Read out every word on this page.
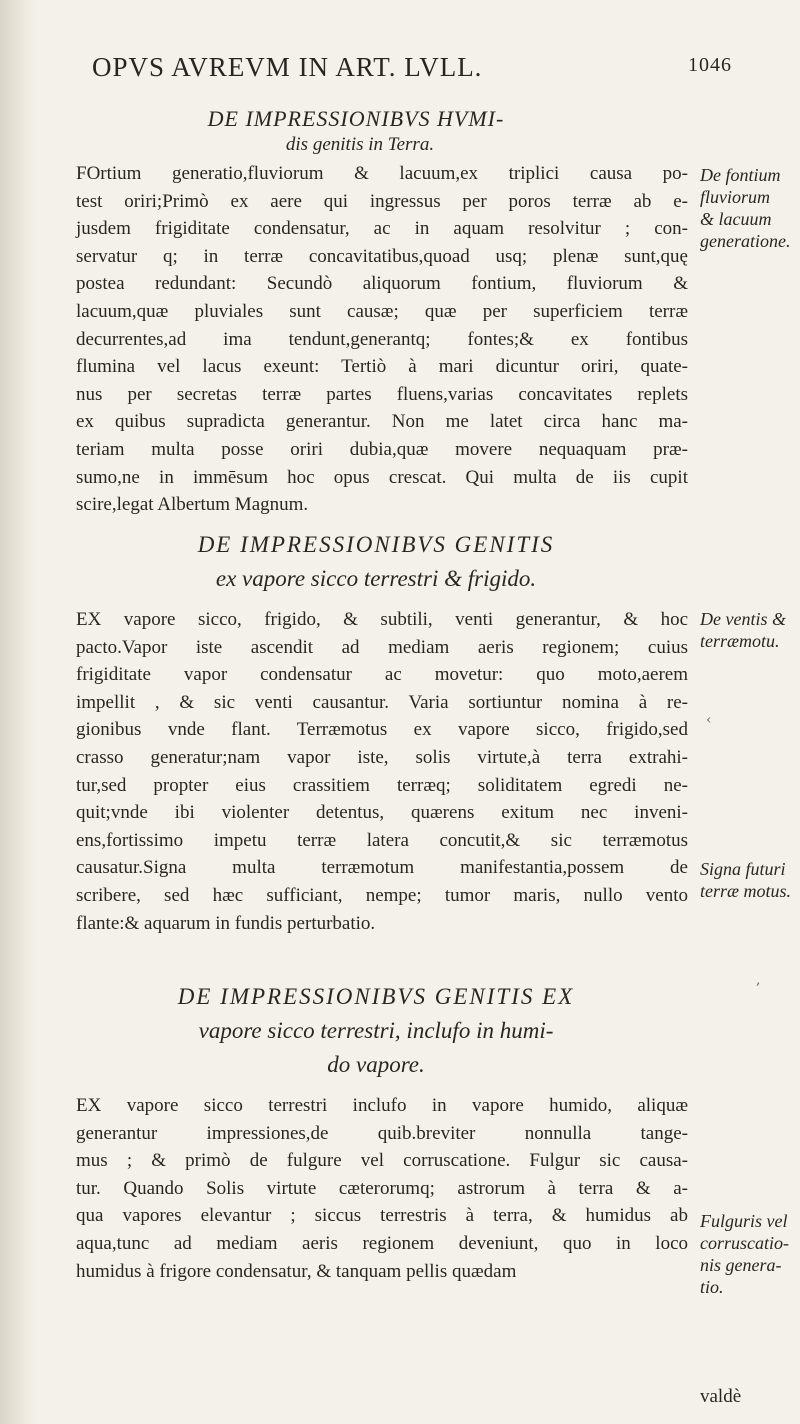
OPVS AVREVM IN ART. LVLL.	1046
DE IMPRESSIONIBVS HVMI-
dis genitis in Terra.
FOrtium generatio,fluviorum & lacuum,ex triplici causa po-
test oriri;Primò ex aere qui ingressus per poros terræ ab e-
jusdem frigiditate condensatur, ac in aquam resolvitur ; con-
servatur q; in terræ concavitatibus,quoad usq; plenæ sunt,quę
postea redundant: Secundò aliquorum fontium, fluviorum &
lacuum,quæ pluviales sunt causæ; quæ per superficiem terræ
decurrentes,ad ima tendunt,generantq; fontes;& ex fontibus
flumina vel lacus exeunt: Tertiò à mari dicuntur oriri, quate-
nus per secretas terræ partes fluens,varias concavitates replets
ex quibus supradicta generantur. Non me latet circa hanc ma-
teriam multa posse oriri dubia,quæ movere nequaquam præ-
sumo,ne in immēsum hoc opus crescat. Qui multa de iis cupit
scire,legat Albertum Magnum.
De fontium
fluviorum
& lacuum
generatione.
DE IMPRESSIONIBVS GENITIS
ex vapore sicco terrestri & frigido.
EX vapore sicco, frigido, & subtili, venti generantur, & hoc
pacto.Vapor iste ascendit ad mediam aeris regionem; cuius
frigiditate vapor condensatur ac movetur: quo moto,aerem
impellit , & sic venti causantur. Varia sortiuntur nomina à re-
gionibus vnde flant. Terræmotus ex vapore sicco, frigido,sed
crasso generatur;nam vapor iste, solis virtute,à terra extrahi-
tur,sed propter eius crassitiem terræq; soliditatem egredi ne-
quit;vnde ibi violenter detentus, quærens exitum nec inveni-
ens,fortissimo impetu terræ latera concutit,& sic terræmotus
causatur.Signa multa terræmotum manifestantia,possem de
scribere, sed hæc sufficiant, nempe; tumor maris, nullo vento
flante:& aquarum in fundis perturbatio.
De ventis &
terræmotu.
Signa futuri
terræ motus.
DE IMPRESSIONIBVS GENITIS EX
vapore sicco terrestri, inclufo in humi-
do vapore.
EX vapore sicco terrestri inclufo in vapore humido, aliquæ
generantur impressiones,de quib.breviter nonnulla tange-
mus ; & primò de fulgure vel corruscatione. Fulgur sic causa-
tur. Quando Solis virtute cæterorumq; astrorum à terra & a-
qua vapores elevantur ; siccus terrestris à terra, & humidus ab
aqua,tunc ad mediam aeris regionem deveniunt, quo in loco
humidus à frigore condensatur, & tanquam pellis quædam
Fulguris vel
corruscatio-
nis genera-
tio.
valdè
‹
,
